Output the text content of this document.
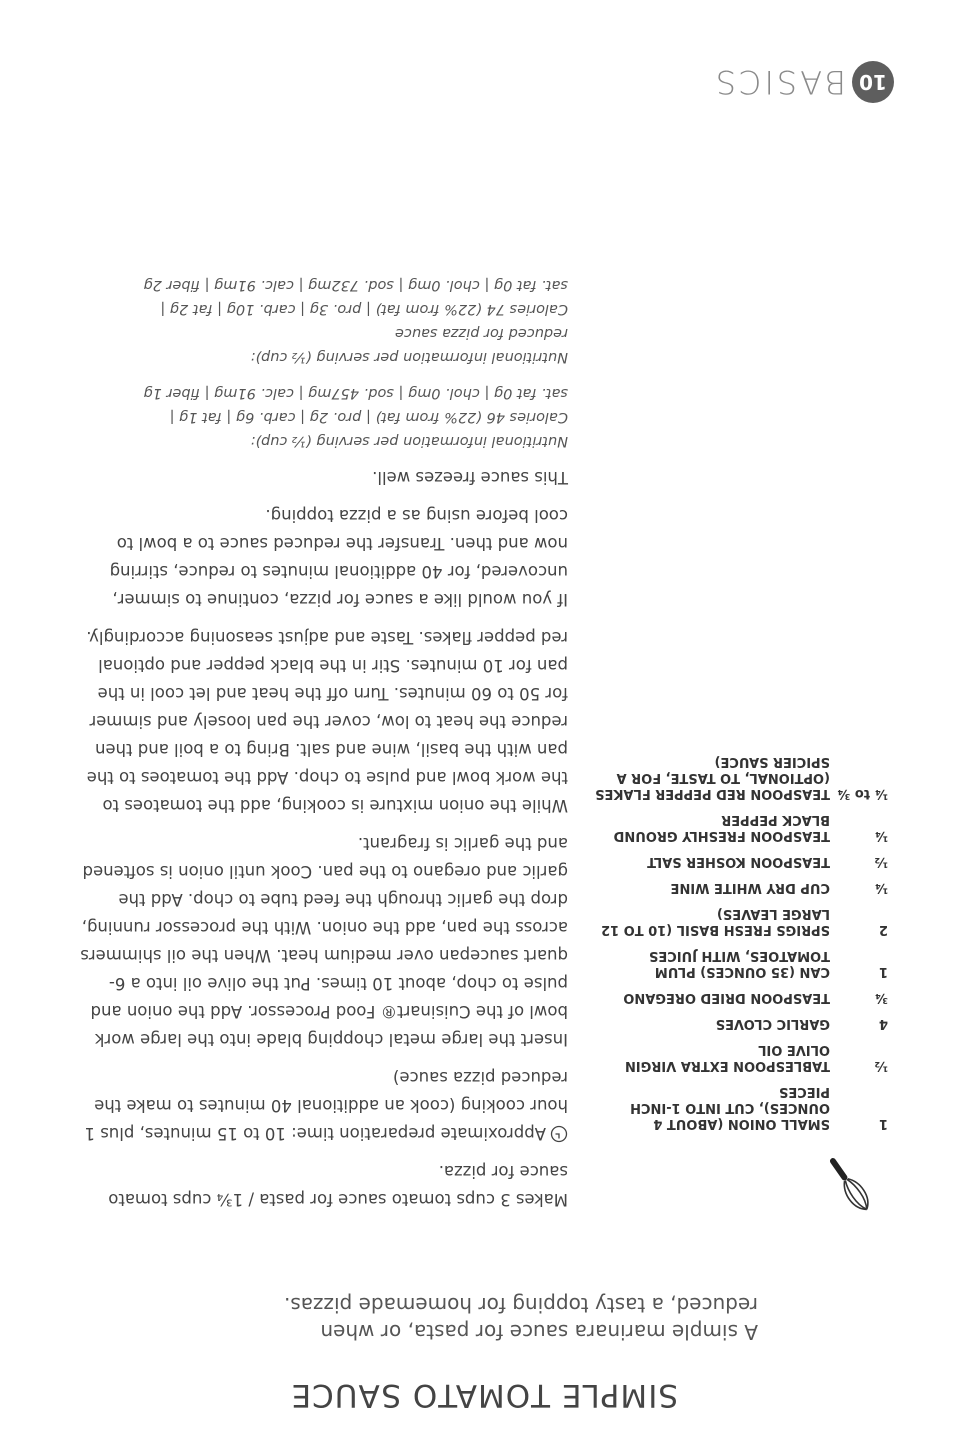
10
BASICS
SIMPLE TOMATO SAUCE
A simple marinara sauce for pasta, or when reduced, a tasty topping for homemade pizzas.
1
SMALL ONION (ABOUT 4 OUNCES), CUT INTO 1-INCH PIECES
½
TABLESPOON EXTRA VIRGIN OLIVE OIL
4
GARLIC CLOVES
¾
TEASPOON DRIED OREGANO
1
CAN (35 OUNCES) PLUM TOMATOES, WITH JUICES
2
SPRIGS FRESH BASIL (10 TO 12 LARGE LEAVES)
¼
CUP DRY WHITE WINE
½
TEASPOON KOSHER SALT
¼
TEASPOON FRESHLY GROUND BLACK PEPPER
¼ to ¾
TEASPOON RED PEPPER FLAKES (OPTIONAL, TO TASTE, FOR A SPICIER SAUCE)

Makes 3 cups tomato sauce for pasta / 1¾ cups tomato sauce for pizza.

Approximate preparation time: 10 to 15 minutes, plus 1 hour cooking (cook an additional 40 minutes to make the reduced pizza sauce)

Insert the large metal chopping blade into the large work bowl of the Cuisinart® Food Processor. Add the onion and pulse to chop, about 10 times. Put the olive oil into a 6-quart saucepan over medium heat. When the oil shimmers across the pan, add the onion. With the processor running, drop the garlic through the feed tube to chop. Add the garlic and oregano to the pan. Cook until onion is softened and the garlic is fragrant.

While the onion mixture is cooking, add the tomatoes to the work bowl and pulse to chop. Add the tomatoes to the pan with the basil, wine and salt. Bring to a boil and then reduce the heat to low, cover the pan loosely and simmer for 50 to 60 minutes. Turn off the heat and let cool in the pan for 10 minutes. Stir in the black pepper and optional red pepper flakes. Taste and adjust seasoning accordingly.

If you would like a sauce for pizza, continue to simmer, uncovered, for 40 additional minutes to reduce, stirring now and then. Transfer the reduced sauce to a bowl to cool before using as a pizza topping.

This sauce freezes well.

Nutritional information per serving (½ cup):
Calories 46 (22% from fat) | pro. 2g | carb. 6g | fat 1g |
sat. fat 0g | chol. 0mg | sod. 457mg | calc. 91mg | fiber 1g
Nutritional information per serving (½ cup):
reduced for pizza sauce
Calories 74 (22% from fat) | pro. 3g | carb. 10g | fat 2g |
sat. fat 0g | chol. 0mg | sod. 732mg | calc. 91mg | fiber 2g
